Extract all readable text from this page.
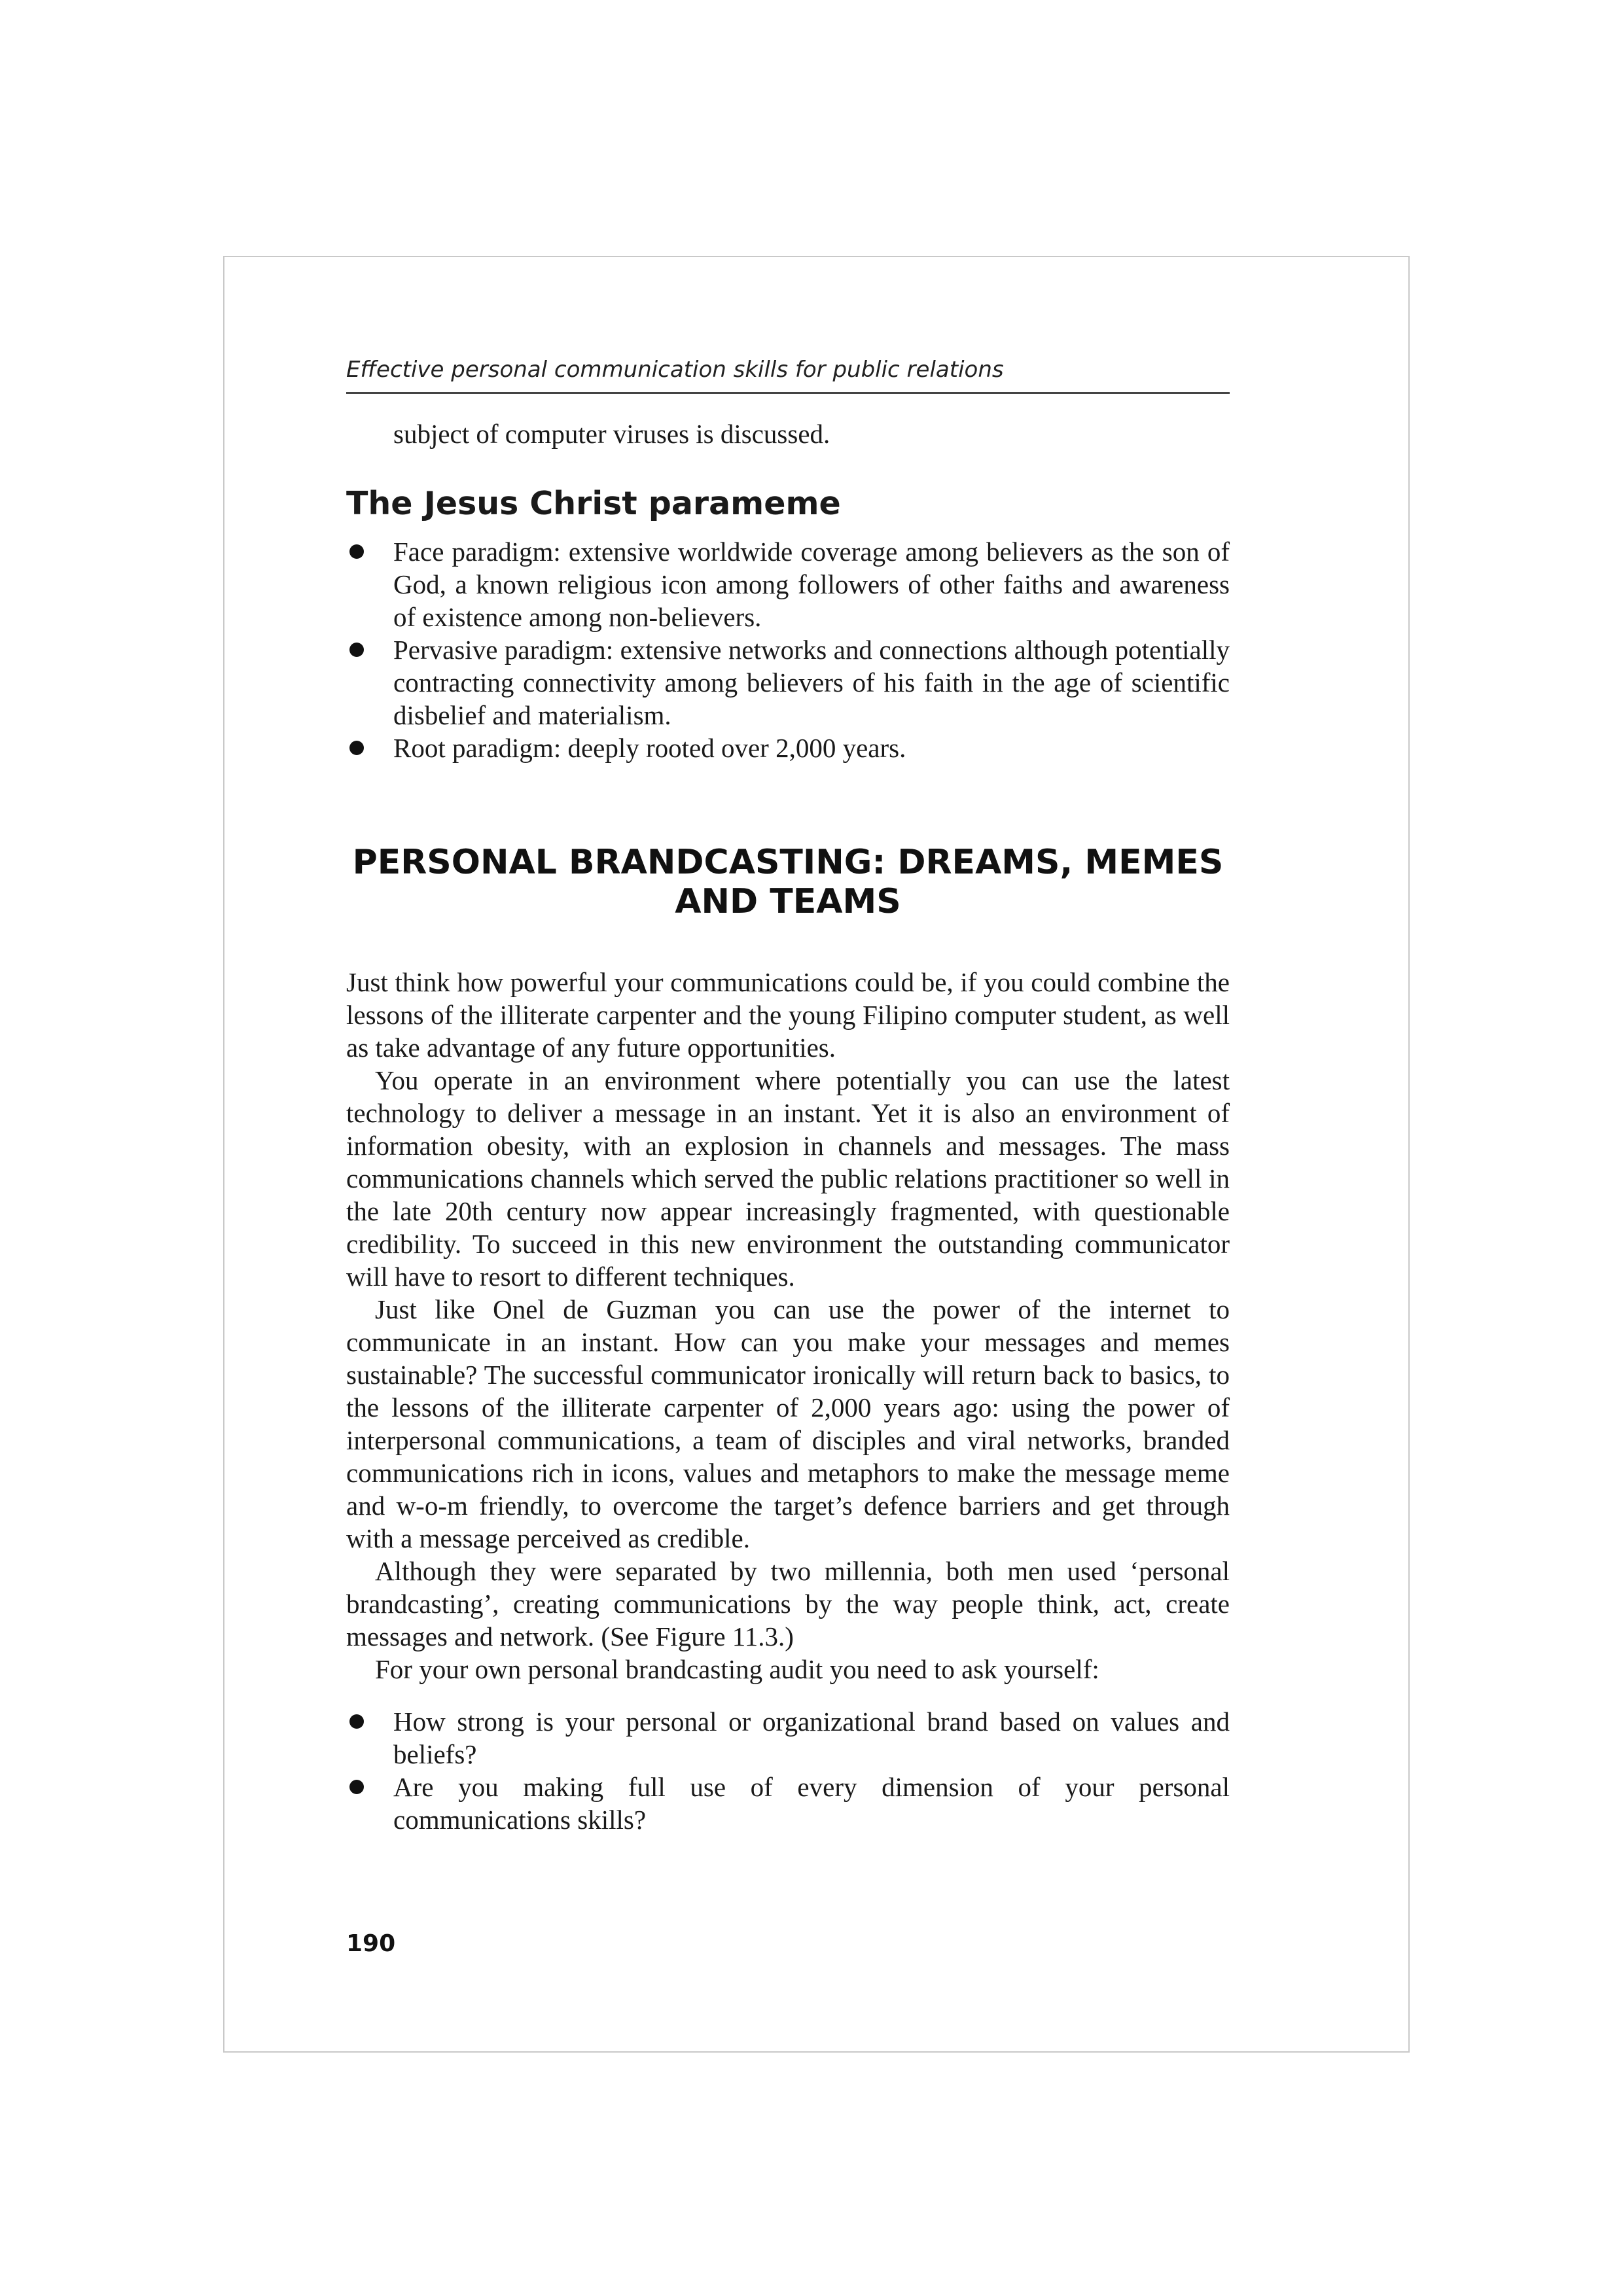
Effective personal communication skills for public relations

subject of computer viruses is discussed.

The Jesus Christ parameme
Face paradigm: extensive worldwide coverage among believers as the son of God, a known religious icon among followers of other faiths and awareness of existence among non-believers.
Pervasive paradigm: extensive networks and connections although potentially contracting connectivity among believers of his faith in the age of scientific disbelief and materialism.
Root paradigm: deeply rooted over 2,000 years.
PERSONAL BRANDCASTING: DREAMS, MEMES
AND TEAMS

Just think how powerful your communications could be, if you could combine the lessons of the illiterate carpenter and the young Filipino computer student, as well as take advantage of any future opportunities.

You operate in an environment where potentially you can use the latest technology to deliver a message in an instant. Yet it is also an environment of information obesity, with an explosion in channels and messages. The mass communications channels which served the public relations practitioner so well in the late 20th century now appear increasingly fragmented, with questionable credibility. To succeed in this new environment the outstanding communicator will have to resort to different techniques.

Just like Onel de Guzman you can use the power of the internet to communicate in an instant. How can you make your messages and memes sustainable? The successful communicator ironically will return back to basics, to the lessons of the illiterate carpenter of 2,000 years ago: using the power of interpersonal communications, a team of disciples and viral networks, branded communications rich in icons, values and metaphors to make the message meme and w-o-m friendly, to overcome the target’s defence barriers and get through with a message perceived as credible.

Although they were separated by two millennia, both men used ‘personal brandcasting’, creating communications by the way people think, act, create messages and network. (See Figure 11.3.)

For your own personal brandcasting audit you need to ask yourself:

How strong is your personal or organizational brand based on values and beliefs?
Are you making full use of every dimension of your personal communications skills?
190
